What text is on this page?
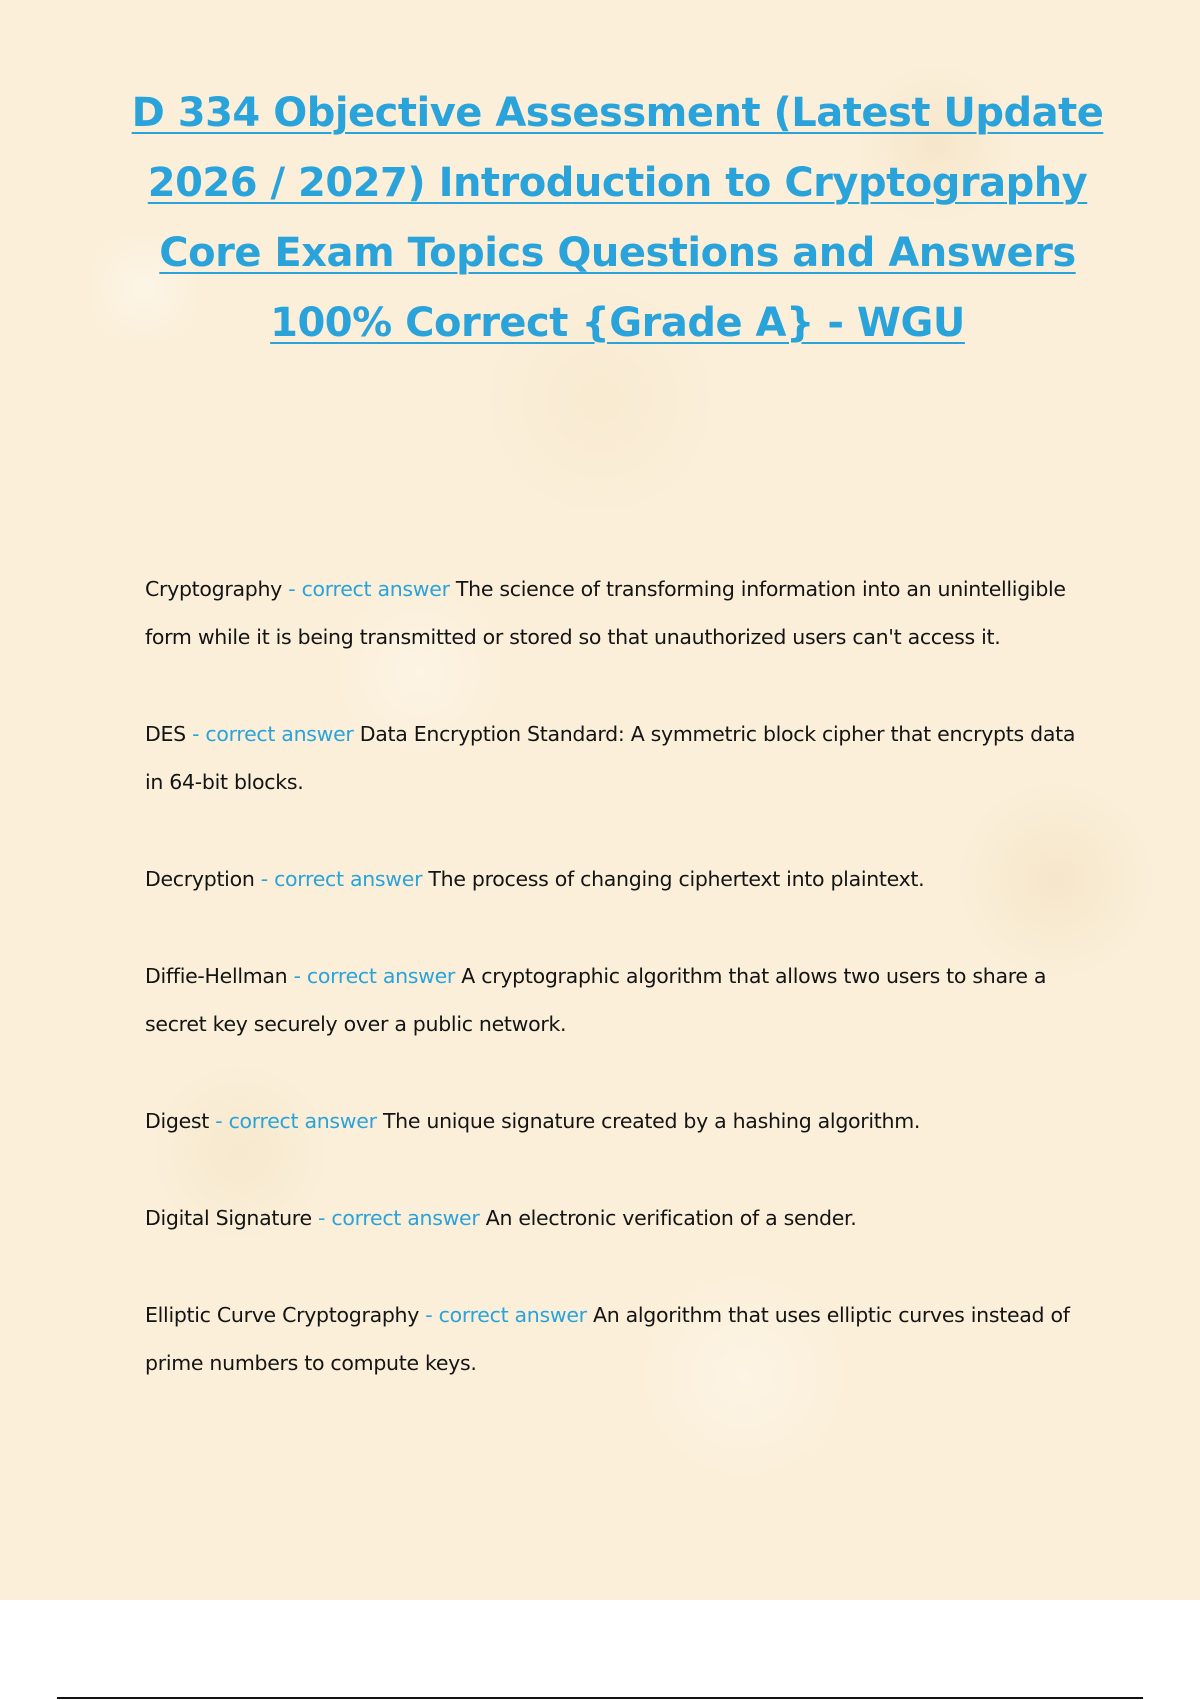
D 334 Objective Assessment (Latest Update 2026 / 2027) Introduction to Cryptography Core Exam Topics Questions and Answers 100% Correct {Grade A} - WGU

Cryptography - correct answer The science of transforming information into an unintelligible form while it is being transmitted or stored so that unauthorized users can't access it.

DES - correct answer Data Encryption Standard: A symmetric block cipher that encrypts data in 64-bit blocks.

Decryption - correct answer The process of changing ciphertext into plaintext.

Diffie-Hellman - correct answer A cryptographic algorithm that allows two users to share a secret key securely over a public network.

Digest - correct answer The unique signature created by a hashing algorithm.

Digital Signature - correct answer An electronic verification of a sender.

Elliptic Curve Cryptography - correct answer An algorithm that uses elliptic curves instead of prime numbers to compute keys.
